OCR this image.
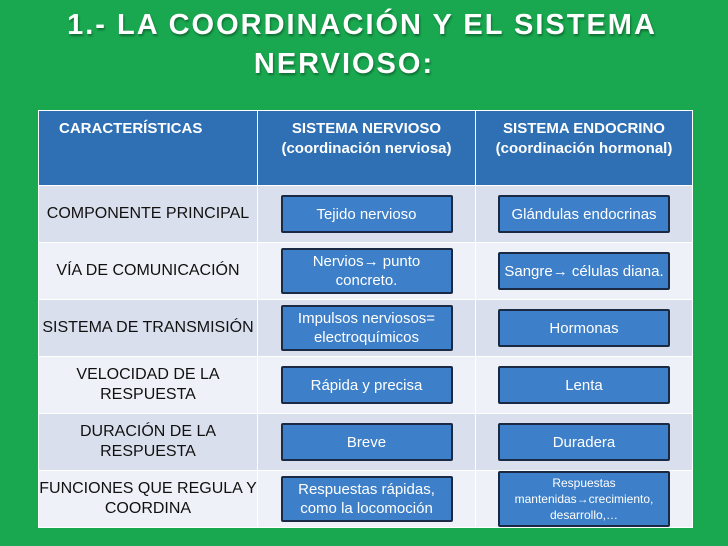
1.- LA COORDINACIÓN Y EL SISTEMA
NERVIOSO:
CARACTERÍSTICAS	SISTEMA NERVIOSO (coordinación nerviosa)	SISTEMA ENDOCRINO (coordinación hormonal)
COMPONENTE PRINCIPAL	Tejido nervioso	Glándulas endocrinas
VÍA DE COMUNICACIÓN	Nervios→ punto concreto.	Sangre→ células diana.
SISTEMA DE TRANSMISIÓN	Impulsos nerviosos= electroquímicos	Hormonas
VELOCIDAD DE LA RESPUESTA	Rápida y precisa	Lenta
DURACIÓN DE LA RESPUESTA	Breve	Duradera
FUNCIONES QUE REGULA Y COORDINA	Respuestas rápidas, como la locomoción	Respuestas mantenidas→crecimiento, desarrollo,…
